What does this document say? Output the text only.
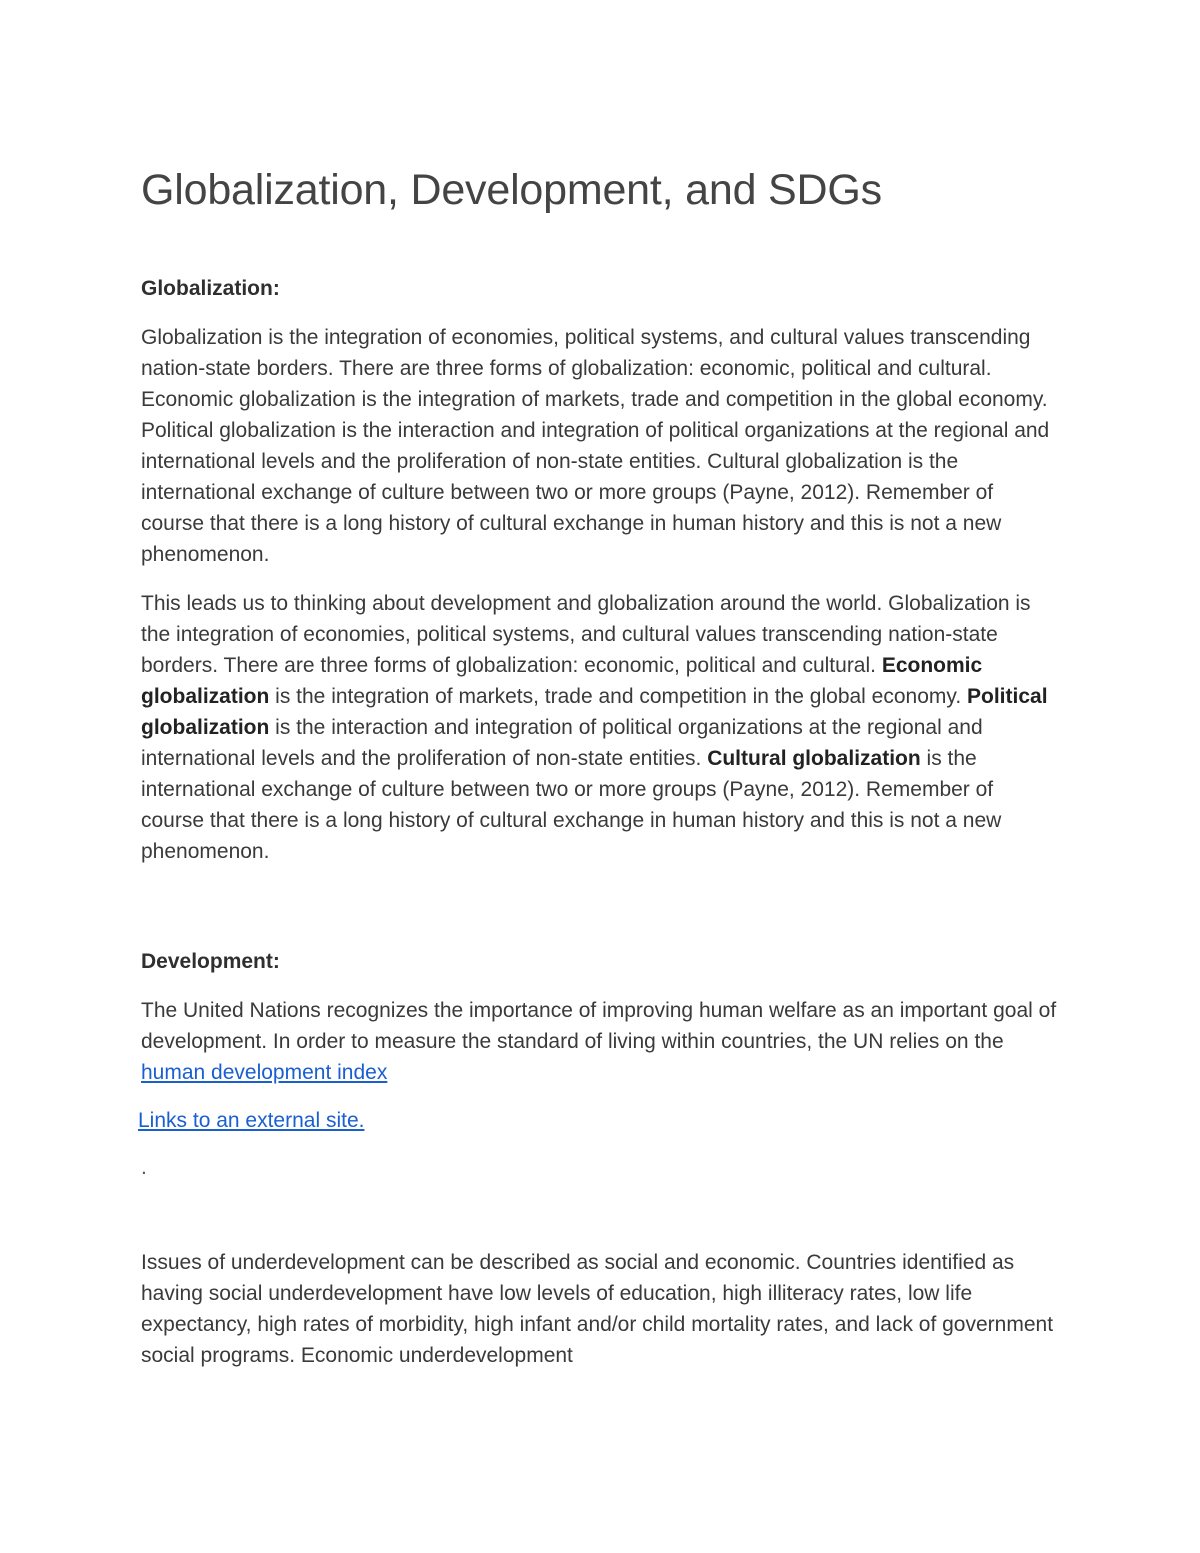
Globalization, Development, and SDGs
Globalization:

Globalization is the integration of economies, political systems, and cultural values transcending nation-state borders. There are three forms of globalization: economic, political and cultural. Economic globalization is the integration of markets, trade and competition in the global economy. Political globalization is the interaction and integration of political organizations at the regional and international levels and the proliferation of non-state entities. Cultural globalization is the international exchange of culture between two or more groups (Payne, 2012). Remember of course that there is a long history of cultural exchange in human history and this is not a new phenomenon.

This leads us to thinking about development and globalization around the world. Globalization is the integration of economies, political systems, and cultural values transcending nation-state borders. There are three forms of globalization: economic, political and cultural. Economic globalization is the integration of markets, trade and competition in the global economy. Political globalization is the interaction and integration of political organizations at the regional and international levels and the proliferation of non-state entities. Cultural globalization is the international exchange of culture between two or more groups (Payne, 2012). Remember of course that there is a long history of cultural exchange in human history and this is not a new phenomenon.

Development:

The United Nations recognizes the importance of improving human welfare as an important goal of development. In order to measure the standard of living within countries, the UN relies on the human development index

Links to an external site.

.

Issues of underdevelopment can be described as social and economic. Countries identified as having social underdevelopment have low levels of education, high illiteracy rates, low life expectancy, high rates of morbidity, high infant and/or child mortality rates, and lack of government social programs. Economic underdevelopment
